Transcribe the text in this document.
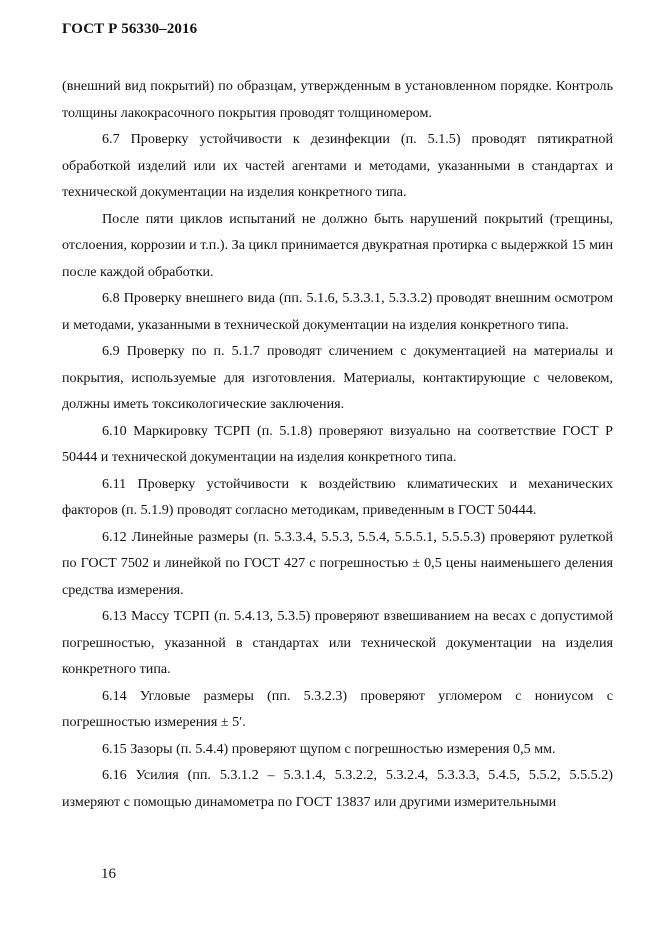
ГОСТ Р 56330–2016

(внешний вид покрытий) по образцам, утвержденным в установленном порядке. Контроль толщины лакокрасочного покрытия проводят толщиномером.

6.7 Проверку устойчивости к дезинфекции (п. 5.1.5) проводят пятикратной обработкой изделий или их частей агентами и методами, указанными в стандартах и технической документации на изделия конкретного типа.

После пяти циклов испытаний не должно быть нарушений покрытий (трещины, отслоения, коррозии и т.п.). За цикл принимается двукратная протирка с выдержкой 15 мин после каждой обработки.

6.8 Проверку внешнего вида (пп. 5.1.6, 5.3.3.1, 5.3.3.2) проводят внешним осмотром и методами, указанными в технической документации на изделия конкретного типа.

6.9 Проверку по п. 5.1.7 проводят сличением с документацией на материалы и покрытия, используемые для изготовления. Материалы, контактирующие с человеком, должны иметь токсикологические заключения.

6.10 Маркировку ТСРП (п. 5.1.8) проверяют визуально на соответствие ГОСТ Р 50444 и технической документации на изделия конкретного типа.

6.11 Проверку устойчивости к воздействию климатических и механических факторов (п. 5.1.9) проводят согласно методикам, приведенным в ГОСТ 50444.

6.12 Линейные размеры (п. 5.3.3.4, 5.5.3, 5.5.4, 5.5.5.1, 5.5.5.3) проверяют рулеткой по ГОСТ 7502 и линейкой по ГОСТ 427 с погрешностью ± 0,5 цены наименьшего деления средства измерения.

6.13 Массу ТСРП (п. 5.4.13, 5.3.5) проверяют взвешиванием на весах с допустимой погрешностью, указанной в стандартах или технической документации на изделия конкретного типа.

6.14 Угловые размеры (пп. 5.3.2.3) проверяют угломером с нониусом с погрешностью измерения ± 5′.

6.15 Зазоры (п. 5.4.4) проверяют щупом с погрешностью измерения 0,5 мм.

6.16 Усилия (пп. 5.3.1.2 – 5.3.1.4, 5.3.2.2, 5.3.2.4, 5.3.3.3, 5.4.5, 5.5.2, 5.5.5.2) измеряют с помощью динамометра по ГОСТ 13837 или другими измерительными

16
